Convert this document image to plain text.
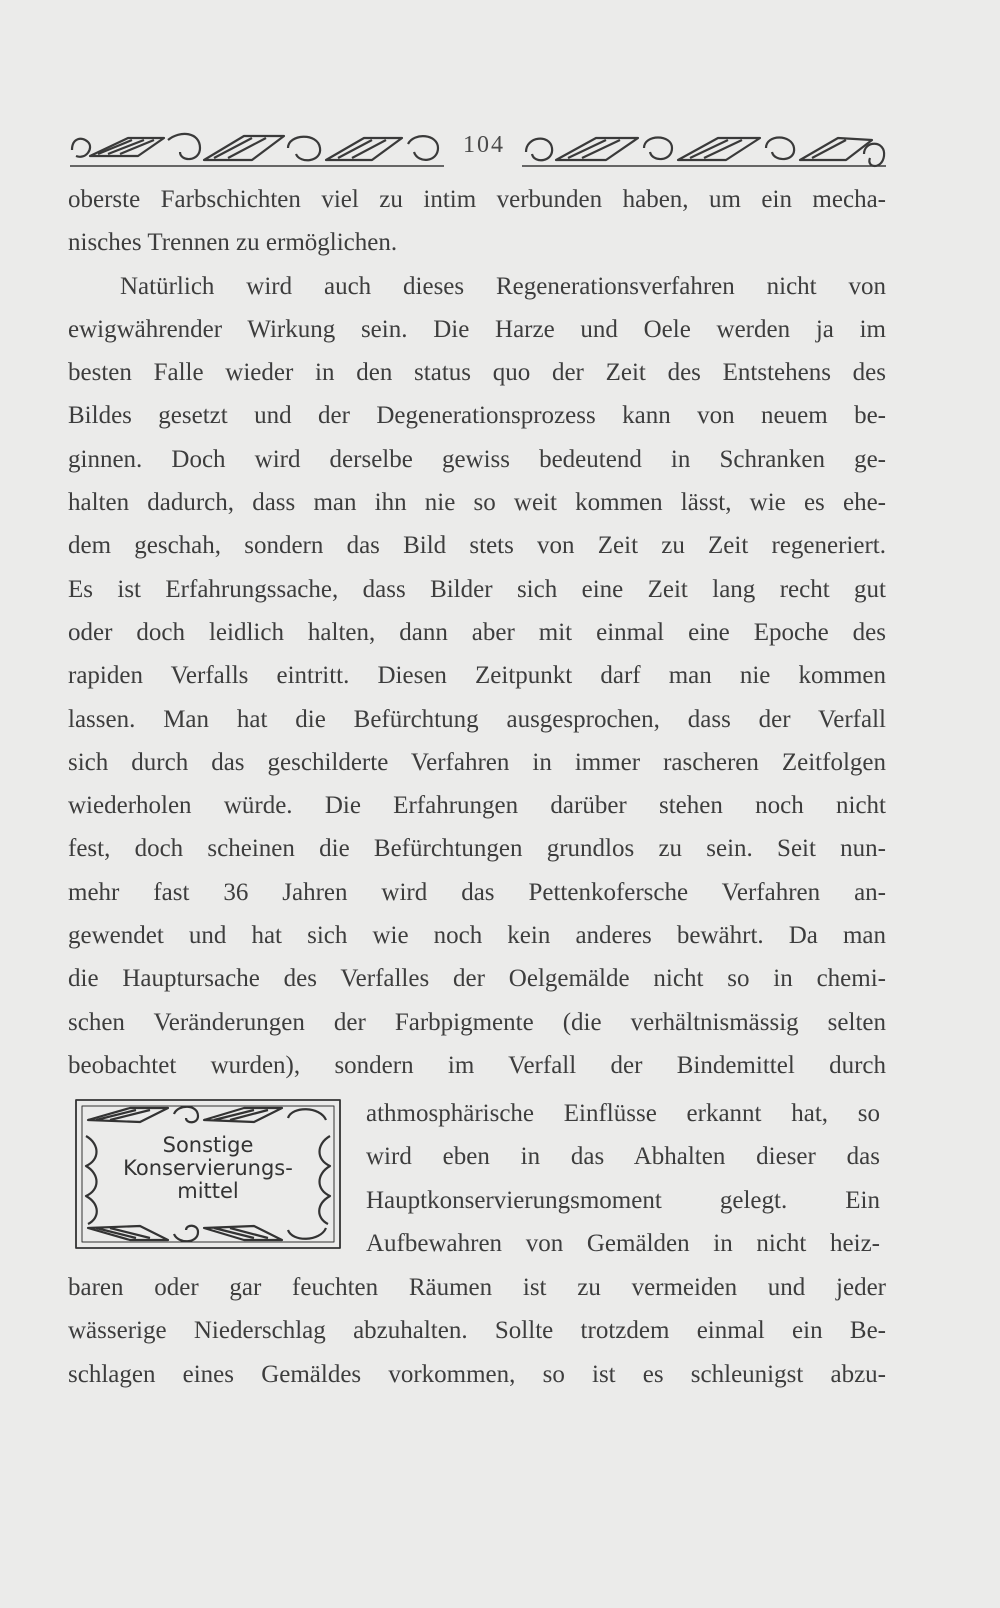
104
oberste Farbschichten viel zu intim verbunden haben, um ein mecha-
nisches Trennen zu ermöglichen.
Natürlich wird auch dieses Regenerationsverfahren nicht von
ewigwährender Wirkung sein. Die Harze und Oele werden ja im
besten Falle wieder in den status quo der Zeit des Entstehens des
Bildes gesetzt und der Degenerationsprozess kann von neuem be-
ginnen. Doch wird derselbe gewiss bedeutend in Schranken ge-
halten dadurch, dass man ihn nie so weit kommen lässt, wie es ehe-
dem geschah, sondern das Bild stets von Zeit zu Zeit regeneriert.
Es ist Erfahrungssache, dass Bilder sich eine Zeit lang recht gut
oder doch leidlich halten, dann aber mit einmal eine Epoche des
rapiden Verfalls eintritt. Diesen Zeitpunkt darf man nie kommen
lassen. Man hat die Befürchtung ausgesprochen, dass der Verfall
sich durch das geschilderte Verfahren in immer rascheren Zeitfolgen
wiederholen würde. Die Erfahrungen darüber stehen noch nicht
fest, doch scheinen die Befürchtungen grundlos zu sein. Seit nun-
mehr fast 36 Jahren wird das Pettenkofersche Verfahren an-
gewendet und hat sich wie noch kein anderes bewährt. Da man
die Hauptursache des Verfalles der Oelgemälde nicht so in chemi-
schen Veränderungen der Farbpigmente (die verhältnismässig selten
beobachtet wurden), sondern im Verfall der Bindemittel durch
Sonstige
Konservierungs-
mittel
athmosphärische Einflüsse erkannt hat, so
wird eben in das Abhalten dieser das
Hauptkonservierungsmoment gelegt. Ein
Aufbewahren von Gemälden in nicht heiz-
baren oder gar feuchten Räumen ist zu vermeiden und jeder
wässerige Niederschlag abzuhalten. Sollte trotzdem einmal ein Be-
schlagen eines Gemäldes vorkommen, so ist es schleunigst abzu-
